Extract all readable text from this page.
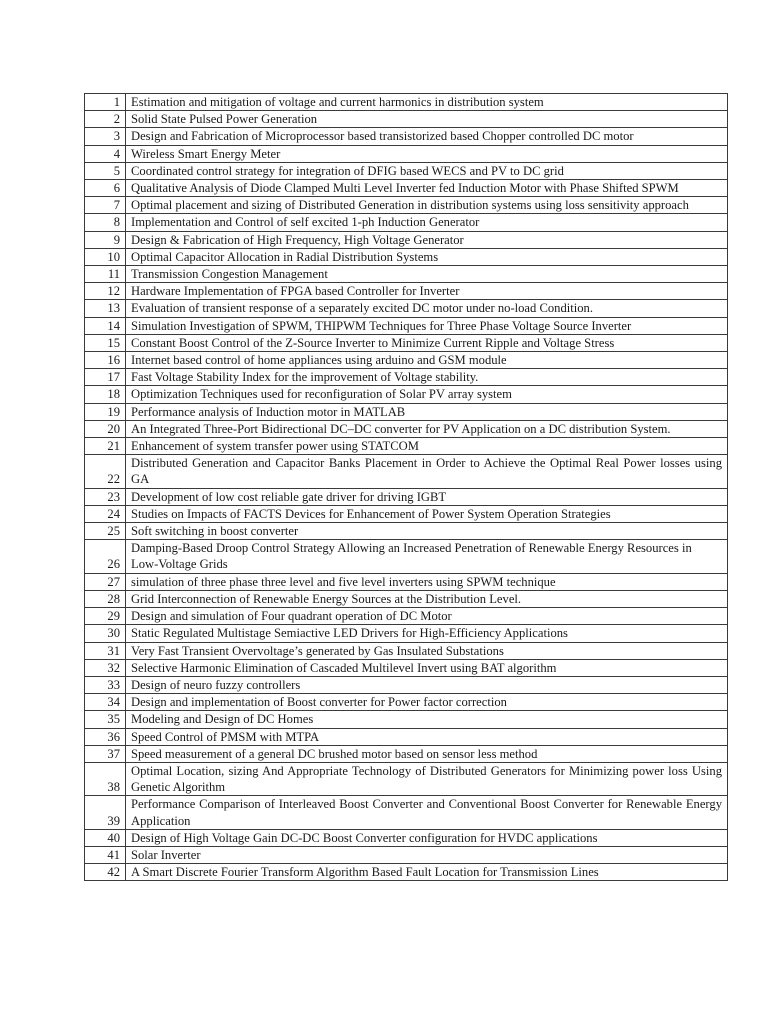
1	Estimation and mitigation of voltage and current harmonics in distribution system
2	Solid State Pulsed Power Generation
3	Design and Fabrication of Microprocessor based transistorized based Chopper controlled DC motor
4	Wireless Smart Energy Meter
5	Coordinated control strategy for integration of DFIG based WECS and PV to DC grid
6	Qualitative Analysis of Diode Clamped Multi Level Inverter fed Induction Motor with Phase Shifted SPWM
7	Optimal placement and sizing of Distributed Generation in distribution systems using loss sensitivity approach
8	Implementation and Control of self excited 1-ph Induction Generator
9	Design & Fabrication of High Frequency, High Voltage Generator
10	Optimal Capacitor Allocation in Radial Distribution Systems
11	Transmission Congestion Management
12	Hardware Implementation of FPGA based Controller for Inverter
13	Evaluation of transient response of a separately excited DC motor under no-load Condition.
14	Simulation Investigation of SPWM, THIPWM Techniques for Three Phase Voltage Source Inverter
15	Constant Boost Control of the Z-Source Inverter to Minimize Current Ripple and Voltage Stress
16	Internet based control of home appliances using arduino and GSM module
17	Fast Voltage Stability Index for the improvement of Voltage stability.
18	Optimization Techniques used for reconfiguration of Solar PV array system
19	Performance analysis of Induction motor in MATLAB
20	An Integrated Three-Port Bidirectional DC–DC converter for PV Application on a DC distribution System.
21	Enhancement of system transfer power using STATCOM
22	Distributed Generation and Capacitor Banks Placement in Order to Achieve the Optimal Real Power losses using GA
23	Development of low cost reliable gate driver for driving IGBT
24	Studies on Impacts of FACTS Devices for Enhancement of Power System Operation Strategies
25	Soft switching in boost converter
26	Damping-Based Droop Control Strategy Allowing an Increased Penetration of Renewable Energy Resources in Low-Voltage Grids
27	simulation of three phase three level and five level inverters using SPWM technique
28	Grid Interconnection of Renewable Energy Sources at the Distribution Level.
29	Design and simulation of Four quadrant operation of DC Motor
30	Static Regulated Multistage Semiactive LED Drivers for High-Efficiency Applications
31	Very Fast Transient Overvoltage’s generated by Gas Insulated Substations
32	Selective Harmonic Elimination of Cascaded Multilevel Invert using BAT algorithm
33	Design of neuro fuzzy controllers
34	Design and implementation of Boost converter for Power factor correction
35	Modeling and Design of DC Homes
36	Speed Control of PMSM with MTPA
37	Speed measurement of a general DC brushed motor based on sensor less method
38	Optimal Location, sizing And Appropriate Technology of Distributed Generators for Minimizing power loss Using Genetic Algorithm
39	Performance Comparison of Interleaved Boost Converter and Conventional Boost Converter for Renewable Energy Application
40	Design of High Voltage Gain DC-DC Boost Converter configuration for HVDC applications
41	Solar Inverter
42	A Smart Discrete Fourier Transform Algorithm Based Fault Location for Transmission Lines
